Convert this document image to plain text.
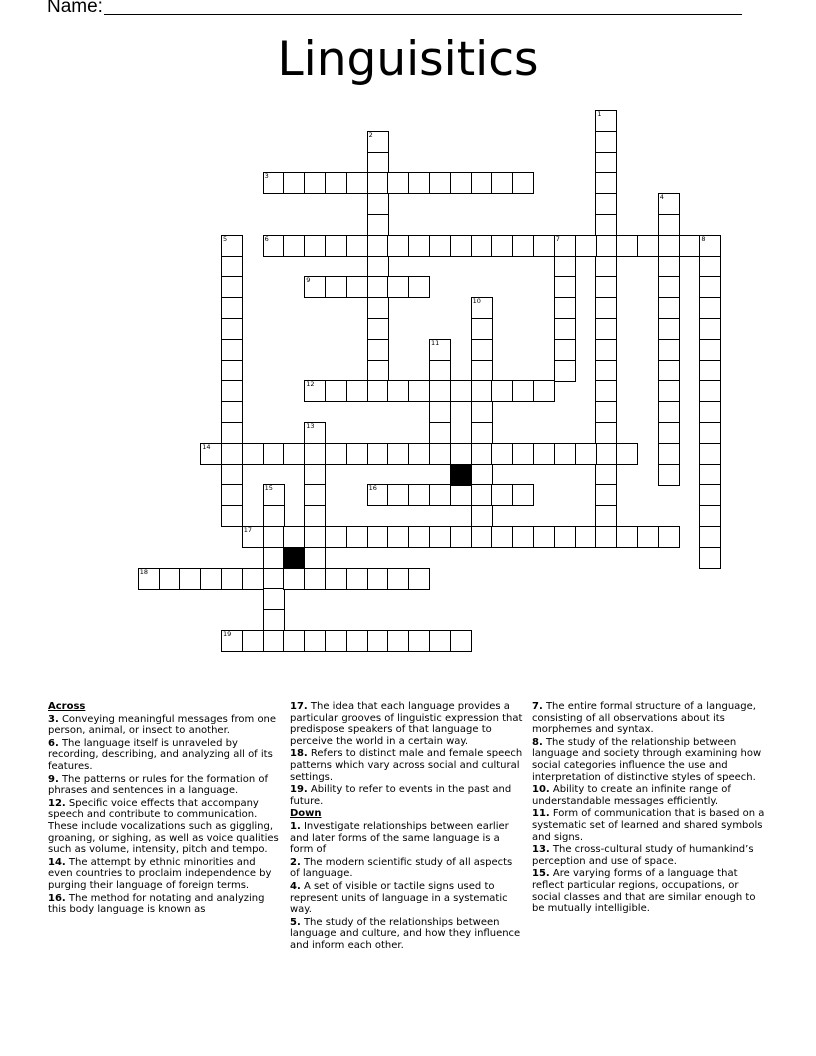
Name:
Linguisitics
1
2
3
4
5	6	7	8
9
10
11
12
13
14
15	16
17
18
19
Across
3. Conveying meaningful messages from one person, animal, or insect to another.
6. The language itself is unraveled by recording, describing, and analyzing all of its features.
9. The patterns or rules for the formation of phrases and sentences in a language.
12. Specific voice effects that accompany speech and contribute to communication. These include vocalizations such as giggling, groaning, or sighing, as well as voice qualities such as volume, intensity, pitch and tempo.
14. The attempt by ethnic minorities and even countries to proclaim independence by purging their language of foreign terms.
16. The method for notating and analyzing this body language is known as
17. The idea that each language provides a particular grooves of linguistic expression that predispose speakers of that language to perceive the world in a certain way.
18. Refers to distinct male and female speech patterns which vary across social and cultural settings.
19. Ability to refer to events in the past and future.
Down
1. Investigate relationships between earlier and later forms of the same language is a form of
2. The modern scientific study of all aspects of language.
4. A set of visible or tactile signs used to represent units of language in a systematic way.
5. The study of the relationships between language and culture, and how they influence and inform each other.
7. The entire formal structure of a language, consisting of all observations about its morphemes and syntax.
8. The study of the relationship between language and society through examining how social categories influence the use and interpretation of distinctive styles of speech.
10. Ability to create an infinite range of understandable messages efficiently.
11. Form of communication that is based on a systematic set of learned and shared symbols and signs.
13. The cross-cultural study of humankind’s perception and use of space.
15. Are varying forms of a language that reflect particular regions, occupations, or social classes and that are similar enough to be mutually intelligible.
